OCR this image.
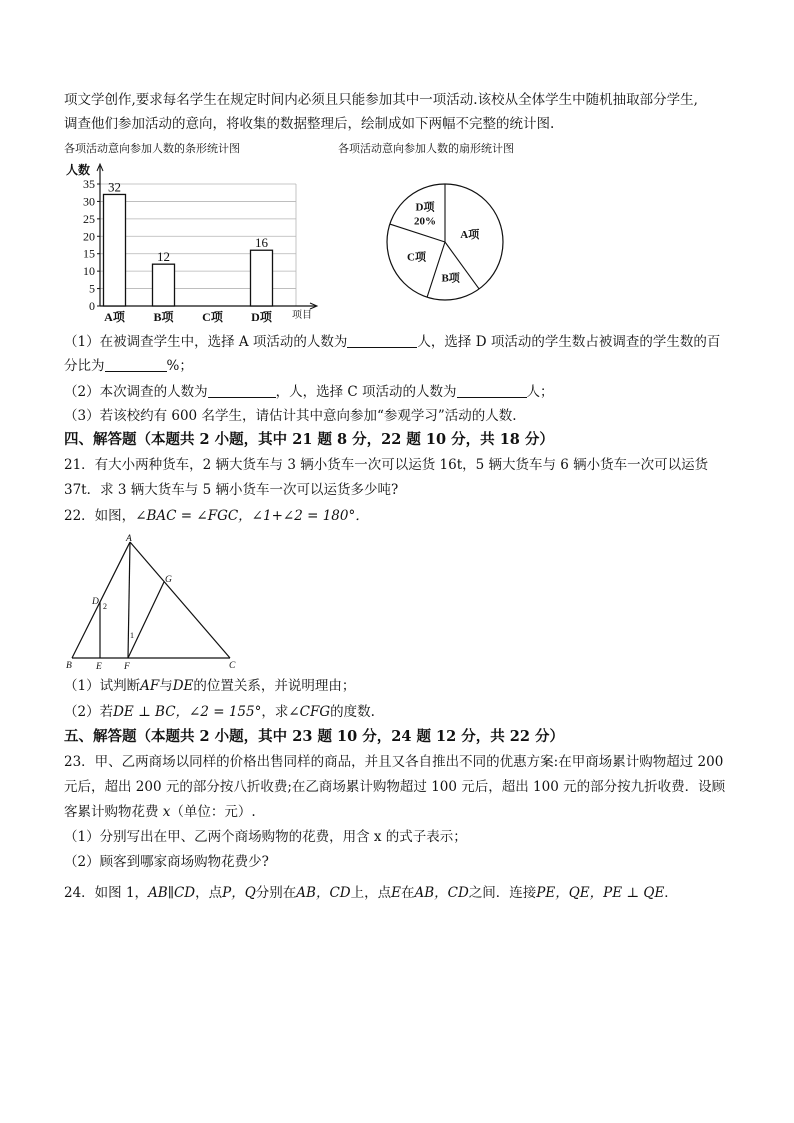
项文学创作,要求每名学生在规定时间内必须且只能参加其中一项活动.该校从全体学生中随机抽取部分学生,
调查他们参加活动的意向，将收集的数据整理后，绘制成如下两幅不完整的统计图.
各项活动意向参加人数的条形统计图	各项活动意向参加人数的扇形统计图
0
5
10
15
20
25
30
35
人数
项目
A项
32
B项
12
C项 D项
16
A项
B项
C项
D项
20%
（1）在被调查学生中，选择 A 项活动的人数为	人，选择 D 项活动的学生数占被调查的学生数的百
分比为	%；
（2）本次调查的人数为	，人，选择 C 项活动的人数为	人；
（3）若该校约有 600 名学生，请估计其中意向参加“参观学习”活动的人数.
四、解答题（本题共 2 小题，其中 21 题 8 分，22 题 10 分，共 18 分）
21．有大小两种货车，2 辆大货车与 3 辆小货车一次可以运货 16t，5 辆大货车与 6 辆小货车一次可以运货
37t．求 3 辆大货车与 5 辆小货车一次可以运货多少吨?
22．如图，∠BAC = ∠FGC，∠1+∠2 = 180°．
A
B	C
D
E F
G
2
1
（1）试判断AF与DE的位置关系，并说明理由；
（2）若DE ⊥ BC，∠2 = 155°，求∠CFG的度数.
五、解答题（本题共 2 小题，其中 23 题 10 分，24 题 12 分，共 22 分）
23．甲、乙两商场以同样的价格出售同样的商品，并且又各自推出不同的优惠方案:在甲商场累计购物超过 200
元后，超出 200 元的部分按八折收费;在乙商场累计购物超过 100 元后，超出 100 元的部分按九折收费．设顾
客累计购物花费 x（单位：元）.
（1）分别写出在甲、乙两个商场购物的花费，用含 x 的式子表示；
（2）顾客到哪家商场购物花费少?
24．如图 1，AB∥CD，点P，Q分别在AB，CD上，点E在AB，CD之间．连接PE，QE，PE ⊥ QE．
